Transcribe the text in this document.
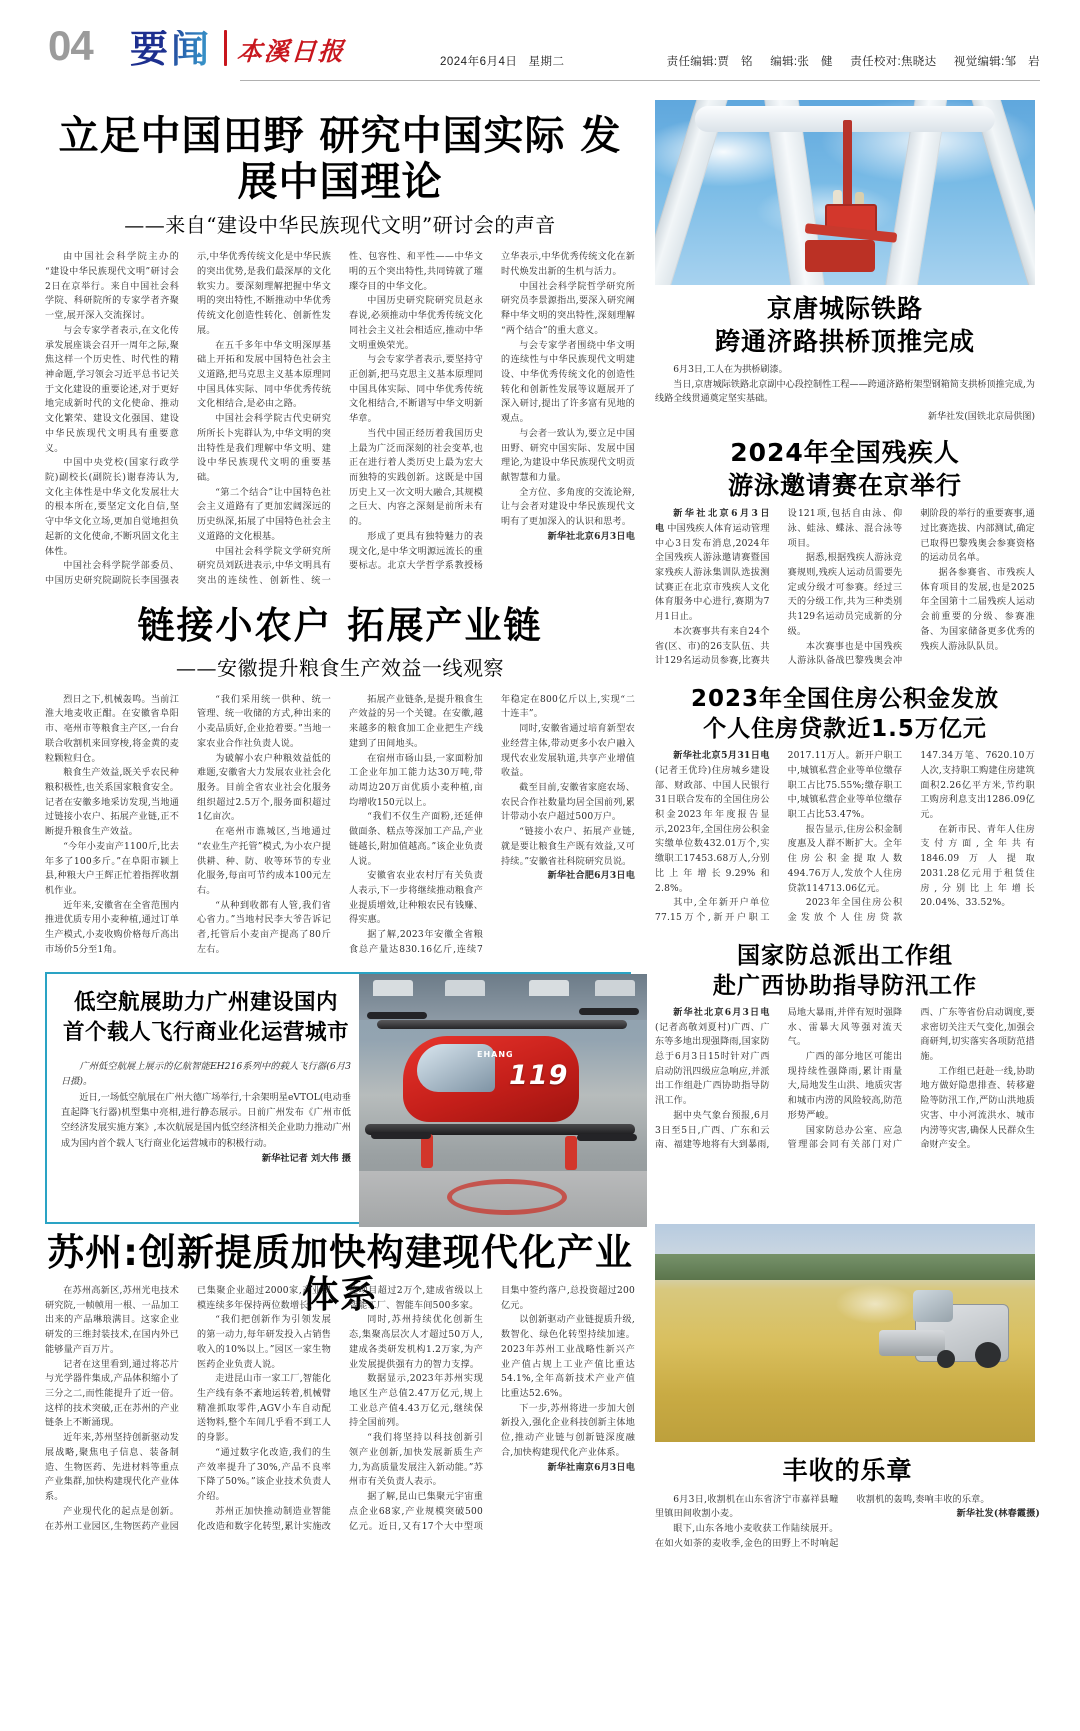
04 要闻 本溪日报	2024年6月4日 星期二	责任编辑:贾　铭 编辑:张　健 责任校对:焦晓达 视觉编辑:邹　岩
立足中国田野 研究中国实际 发展中国理论
——来自“建设中华民族现代文明”研讨会的声音

由中国社会科学院主办的“建设中华民族现代文明”研讨会2日在京举行。来自中国社会科学院、科研院所的专家学者齐聚一堂,展开深入交流探讨。

与会专家学者表示,在文化传承发展座谈会召开一周年之际,聚焦这样一个历史性、时代性的精神命题,学习领会习近平总书记关于文化建设的重要论述,对于更好地完成新时代的文化使命、推动文化繁荣、建设文化强国、建设中华民族现代文明具有重要意义。

中国中央党校(国家行政学院)副校长(副院长)谢春涛认为,文化主体性是中华文化发展壮大的根本所在,要坚定文化自信,坚守中华文化立场,更加自觉地担负起新的文化使命,不断巩固文化主体性。

中国社会科学院学部委员、中国历史研究院副院长李国强表示,中华优秀传统文化是中华民族的突出优势,是我们最深厚的文化软实力。要深刻理解把握中华文明的突出特性,不断推动中华优秀传统文化创造性转化、创新性发展。

在五千多年中华文明深厚基础上开拓和发展中国特色社会主义道路,把马克思主义基本原理同中国具体实际、同中华优秀传统文化相结合,是必由之路。

中国社会科学院古代史研究所所长卜宪群认为,中华文明的突出特性是我们理解中华文明、建设中华民族现代文明的重要基础。

“第二个结合”让中国特色社会主义道路有了更加宏阔深远的历史纵深,拓展了中国特色社会主义道路的文化根基。

中国社会科学院文学研究所研究员刘跃进表示,中华文明具有突出的连续性、创新性、统一性、包容性、和平性——中华文明的五个突出特性,共同铸就了璀璨夺目的中华文化。

中国历史研究院研究员赵永春说,必须推动中华优秀传统文化同社会主义社会相适应,推动中华文明重焕荣光。

与会专家学者表示,要坚持守正创新,把马克思主义基本原理同中国具体实际、同中华优秀传统文化相结合,不断谱写中华文明新华章。

当代中国正经历着我国历史上最为广泛而深刻的社会变革,也正在进行着人类历史上最为宏大而独特的实践创新。这既是中国历史上又一次文明大融合,其规模之巨大、内容之深刻是前所未有的。

形成了更具有独特魅力的表现文化,是中华文明源远流长的重要标志。北京大学哲学系教授杨立华表示,中华优秀传统文化在新时代焕发出新的生机与活力。

中国社会科学院哲学研究所研究员李景源指出,要深入研究阐释中华文明的突出特性,深刻理解“两个结合”的重大意义。

与会专家学者围绕中华文明的连续性与中华民族现代文明建设、中华优秀传统文化的创造性转化和创新性发展等议题展开了深入研讨,提出了许多富有见地的观点。

与会者一致认为,要立足中国田野、研究中国实际、发展中国理论,为建设中华民族现代文明贡献智慧和力量。

全方位、多角度的交流论辩,让与会者对建设中华民族现代文明有了更加深入的认识和思考。

新华社北京6月3日电

链接小农户 拓展产业链
——安徽提升粮食生产效益一线观察

烈日之下,机械轰鸣。当前江淮大地麦收正酣。在安徽省阜阳市、亳州市等粮食主产区,一台台联合收割机来回穿梭,将金黄的麦粒颗粒归仓。

粮食生产效益,既关乎农民种粮积极性,也关系国家粮食安全。记者在安徽多地采访发现,当地通过链接小农户、拓展产业链,正不断提升粮食生产效益。

“今年小麦亩产1100斤,比去年多了100多斤。”在阜阳市颍上县,种粮大户王辉正忙着指挥收割机作业。

近年来,安徽省在全省范围内推进优质专用小麦种植,通过订单生产模式,小麦收购价格每斤高出市场价5分至1角。

“我们采用统一供种、统一管理、统一收储的方式,种出来的小麦品质好,企业抢着要。”当地一家农业合作社负责人说。

为破解小农户种粮效益低的难题,安徽省大力发展农业社会化服务。目前全省农业社会化服务组织超过2.5万个,服务面积超过1亿亩次。

在亳州市谯城区,当地通过“农业生产托管”模式,为小农户提供耕、种、防、收等环节的专业化服务,每亩可节约成本100元左右。

“从种到收都有人管,我们省心省力。”当地村民李大爷告诉记者,托管后小麦亩产提高了80斤左右。

拓展产业链条,是提升粮食生产效益的另一个关键。在安徽,越来越多的粮食加工企业把生产线建到了田间地头。

在宿州市砀山县,一家面粉加工企业年加工能力达30万吨,带动周边20万亩优质小麦种植,亩均增收150元以上。

“我们不仅生产面粉,还延伸做面条、糕点等深加工产品,产业链越长,附加值越高。”该企业负责人说。

安徽省农业农村厅有关负责人表示,下一步将继续推动粮食产业提质增效,让种粮农民有钱赚、得实惠。

据了解,2023年安徽全省粮食总产量达830.16亿斤,连续7年稳定在800亿斤以上,实现“二十连丰”。

同时,安徽省通过培育新型农业经营主体,带动更多小农户融入现代农业发展轨道,共享产业增值收益。

截至目前,安徽省家庭农场、农民合作社数量均居全国前列,累计带动小农户超过500万户。

“链接小农户、拓展产业链,就是要让粮食生产既有效益,又可持续。”安徽省社科院研究员说。

新华社合肥6月3日电

低空航展助力广州建设国内
首个载人飞行商业化运营城市

广州低空航展上展示的亿航智能EH216系列中的载人飞行器(6月3日摄)。

近日,一场低空航展在广州大德广场举行,十余架明星eVTOL(电动垂直起降飞行器)机型集中亮相,进行静态展示。日前广州发布《广州市低空经济发展实施方案》,本次航展是国内低空经济相关企业助力推动广州成为国内首个载人飞行商业化运营城市的积极行动。

新华社记者 刘大伟 摄

EHANG
119
京唐城际铁路
跨通济路拱桥顶推完成

6月3日,工人在为拱桥刷漆。

当日,京唐城际铁路北京副中心段控制性工程——跨通济路桁架型钢箱简支拱桥顶推完成,为线路全线贯通奠定坚实基础。

新华社发(国铁北京局供图)
2024年全国残疾人
游泳邀请赛在京举行

新华社北京6月3日电 中国残疾人体育运动管理中心3日发布消息,2024年全国残疾人游泳邀请赛暨国家残疾人游泳集训队选拔测试赛正在北京市残疾人文化体育服务中心进行,赛期为7月1日止。

本次赛事共有来自24个省(区、市)的26支队伍、共计129名运动员参赛,比赛共设121项,包括自由泳、仰泳、蛙泳、蝶泳、混合泳等项目。

据悉,根据残疾人游泳竞赛规则,残疾人运动员需要先定或分级才可参赛。经过三天的分级工作,共为三种类别共129名运动员完成新的分级。

本次赛事也是中国残疾人游泳队备战巴黎残奥会冲刺阶段的举行的重要赛事,通过比赛选拔、内部测试,确定已取得巴黎残奥会参赛资格的运动员名单。

据各参赛省、市残疾人体育项目的发展,也是2025年全国第十二届残疾人运动会前重要的分级、参赛准备、为国家储备更多优秀的残疾人游泳队队员。

2023年全国住房公积金发放
个人住房贷款近1.5万亿元

新华社北京5月31日电(记者王优玲)住房城乡建设部、财政部、中国人民银行31日联合发布的全国住房公积金2023年年度报告显示,2023年,全国住房公积金实缴单位数432.01万个,实缴职工17453.68万人,分别比上年增长9.29%和2.8%。

其中,全年新开户单位77.15万个,新开户职工2017.11万人。新开户职工中,城镇私营企业等单位缴存职工占比75.55%;缴存职工中,城镇私营企业等单位缴存职工占比53.47%。

报告显示,住房公积金制度惠及人群不断扩大。全年住房公积金提取人数494.76万人,发放个人住房贷款114713.06亿元。

2023年全国住房公积金发放个人住房贷款147.34万笔、7620.10万人次,支持职工购建住房建筑面积2.26亿平方米,节约职工购房利息支出1286.09亿元。

在新市民、青年人住房支付方面,全年共有1846.09万人提取2031.28亿元用于租赁住房,分别比上年增长20.04%、33.52%。

国家防总派出工作组
赴广西协助指导防汛工作

新华社北京6月3日电(记者高敬刘夏村)广西、广东等多地出现强降雨,国家防总于6月3日15时针对广西启动防汛四级应急响应,并派出工作组赴广西协助指导防汛工作。

据中央气象台预报,6月3日至5日,广西、广东和云南、福建等地将有大到暴雨,局地大暴雨,并伴有短时强降水、雷暴大风等强对流天气。

广西的部分地区可能出现持续性强降雨,累计雨量大,局地发生山洪、地质灾害和城市内涝的风险较高,防范形势严峻。

国家防总办公室、应急管理部会同有关部门对广西、广东等省份启动调度,要求密切关注天气变化,加强会商研判,切实落实各项防范措施。

工作组已赶赴一线,协助地方做好隐患排查、转移避险等防汛工作,严防山洪地质灾害、中小河流洪水、城市内涝等灾害,确保人民群众生命财产安全。

苏州:创新提质加快构建现代化产业体系

在苏州高新区,苏州光电技术研究院,一帧帧用一根、一品加工出来的产品琳琅满目。这家企业研发的三维封装技术,在国内外已能够量产百万片。

记者在这里看到,通过将芯片与光学器件集成,产品体积缩小了三分之二,而性能提升了近一倍。这样的技术突破,正在苏州的产业链条上不断涌现。

近年来,苏州坚持创新驱动发展战略,聚焦电子信息、装备制造、生物医药、先进材料等重点产业集群,加快构建现代化产业体系。

产业现代化的起点是创新。在苏州工业园区,生物医药产业园已集聚企业超过2000家,产业规模连续多年保持两位数增长。

“我们把创新作为引领发展的第一动力,每年研发投入占销售收入的10%以上。”园区一家生物医药企业负责人说。

走进昆山市一家工厂,智能化生产线有条不紊地运转着,机械臂精准抓取零件,AGV小车自动配送物料,整个车间几乎看不到工人的身影。

“通过数字化改造,我们的生产效率提升了30%,产品不良率下降了50%。”该企业技术负责人介绍。

苏州正加快推动制造业智能化改造和数字化转型,累计实施改造项目超过2万个,建成省级以上智能工厂、智能车间500多家。

同时,苏州持续优化创新生态,集聚高层次人才超过50万人,建成各类研发机构1.2万家,为产业发展提供强有力的智力支撑。

数据显示,2023年苏州实现地区生产总值2.47万亿元,规上工业总产值4.43万亿元,继续保持全国前列。

“我们将坚持以科技创新引领产业创新,加快发展新质生产力,为高质量发展注入新动能。”苏州市有关负责人表示。

据了解,昆山已集聚元宇宙重点企业68家,产业规模突破500亿元。近日,又有17个大中型项目集中签约落户,总投资超过200亿元。

以创新驱动产业链提质升级,数智化、绿色化转型持续加速。2023年苏州工业战略性新兴产业产值占规上工业产值比重达54.1%,全年高新技术产业产值比重达52.6%。

下一步,苏州将进一步加大创新投入,强化企业科技创新主体地位,推动产业链与创新链深度融合,加快构建现代化产业体系。

新华社南京6月3日电	丰收的乐章

6月3日,收割机在山东省济宁市嘉祥县疃里镇田间收割小麦。

眼下,山东各地小麦收获工作陆续展开。在如火如荼的麦收季,金色的田野上不时响起收割机的轰鸣,奏响丰收的乐章。

新华社发(林春霞摄)
